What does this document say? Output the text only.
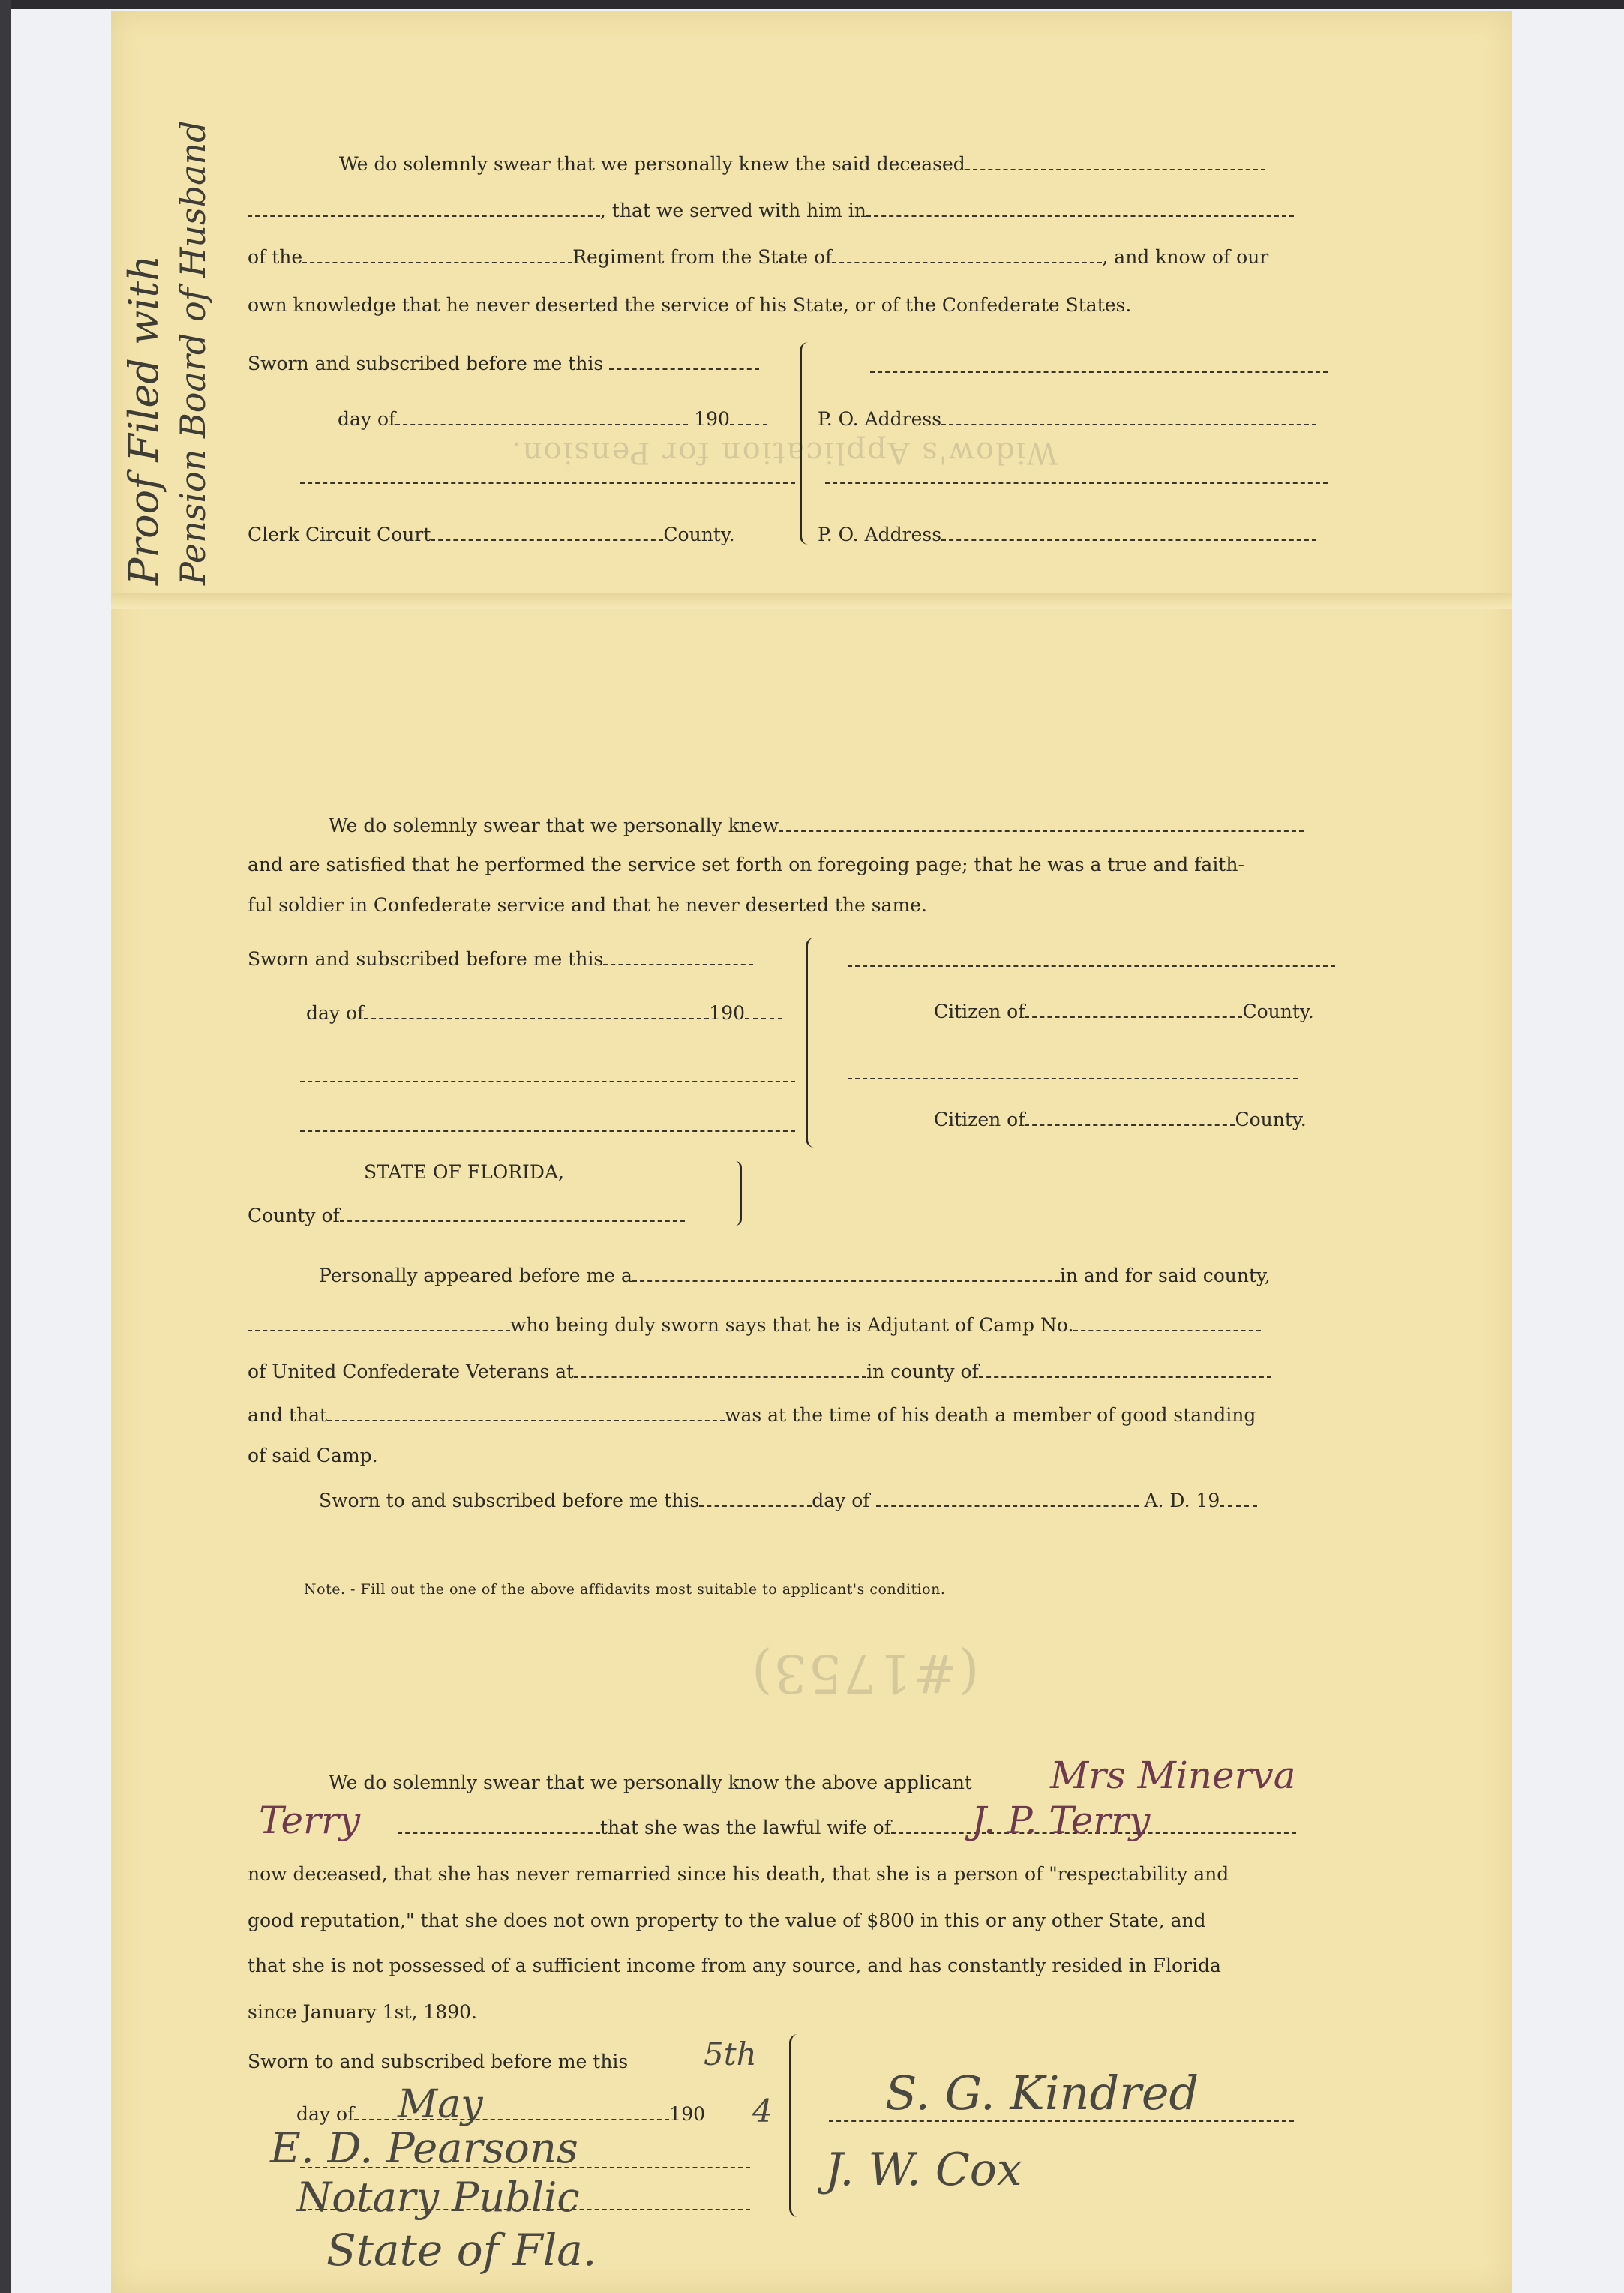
Widow's Application for Pension.
(#1753)
Proof Filed with Pension Board of Husband	We do solemnly swear that we personally knew the said deceased
, that we served with him in
of the	Regiment from the State of	, and know of our
own knowledge that he never deserted the service of his State, or of the Confederate States.
Sworn and subscribed before me this
day of	190
Clerk Circuit Court	County.
P. O. Address
P. O. Address
We do solemnly swear that we personally knew
and are satisfied that he performed the service set forth on foregoing page; that he was a true and faith-
ful soldier in Confederate service and that he never deserted the same.
Sworn and subscribed before me this
day of	190	Citizen of	County.
Citizen of	County.
STATE OF FLORIDA,
County of
Personally appeared before me a	in and for said county,
who being duly sworn says that he is Adjutant of Camp No.
of United Confederate Veterans at	in county of
and that	was at the time of his death a member of good standing
of said Camp.
Sworn to and subscribed before me this	day of	A. D. 19
Note. - Fill out the one of the above affidavits most suitable to applicant's condition.
We do solemnly swear that we personally know the above applicant Mrs Minerva
Terry	that she was the lawful wife of	J. P. Terry
now deceased, that she has never remarried since his death, that she is a person of "respectability and
good reputation," that she does not own property to the value of $800 in this or any other State, and
that she is not possessed of a sufficient income from any source, and has constantly resided in Florida
since January 1st, 1890.
Sworn to and subscribed before me this 5th
day of	190
May	4
E. D. Pearsons
Notary Public
State of Fla.
S. G. Kindred
J. W. Cox
